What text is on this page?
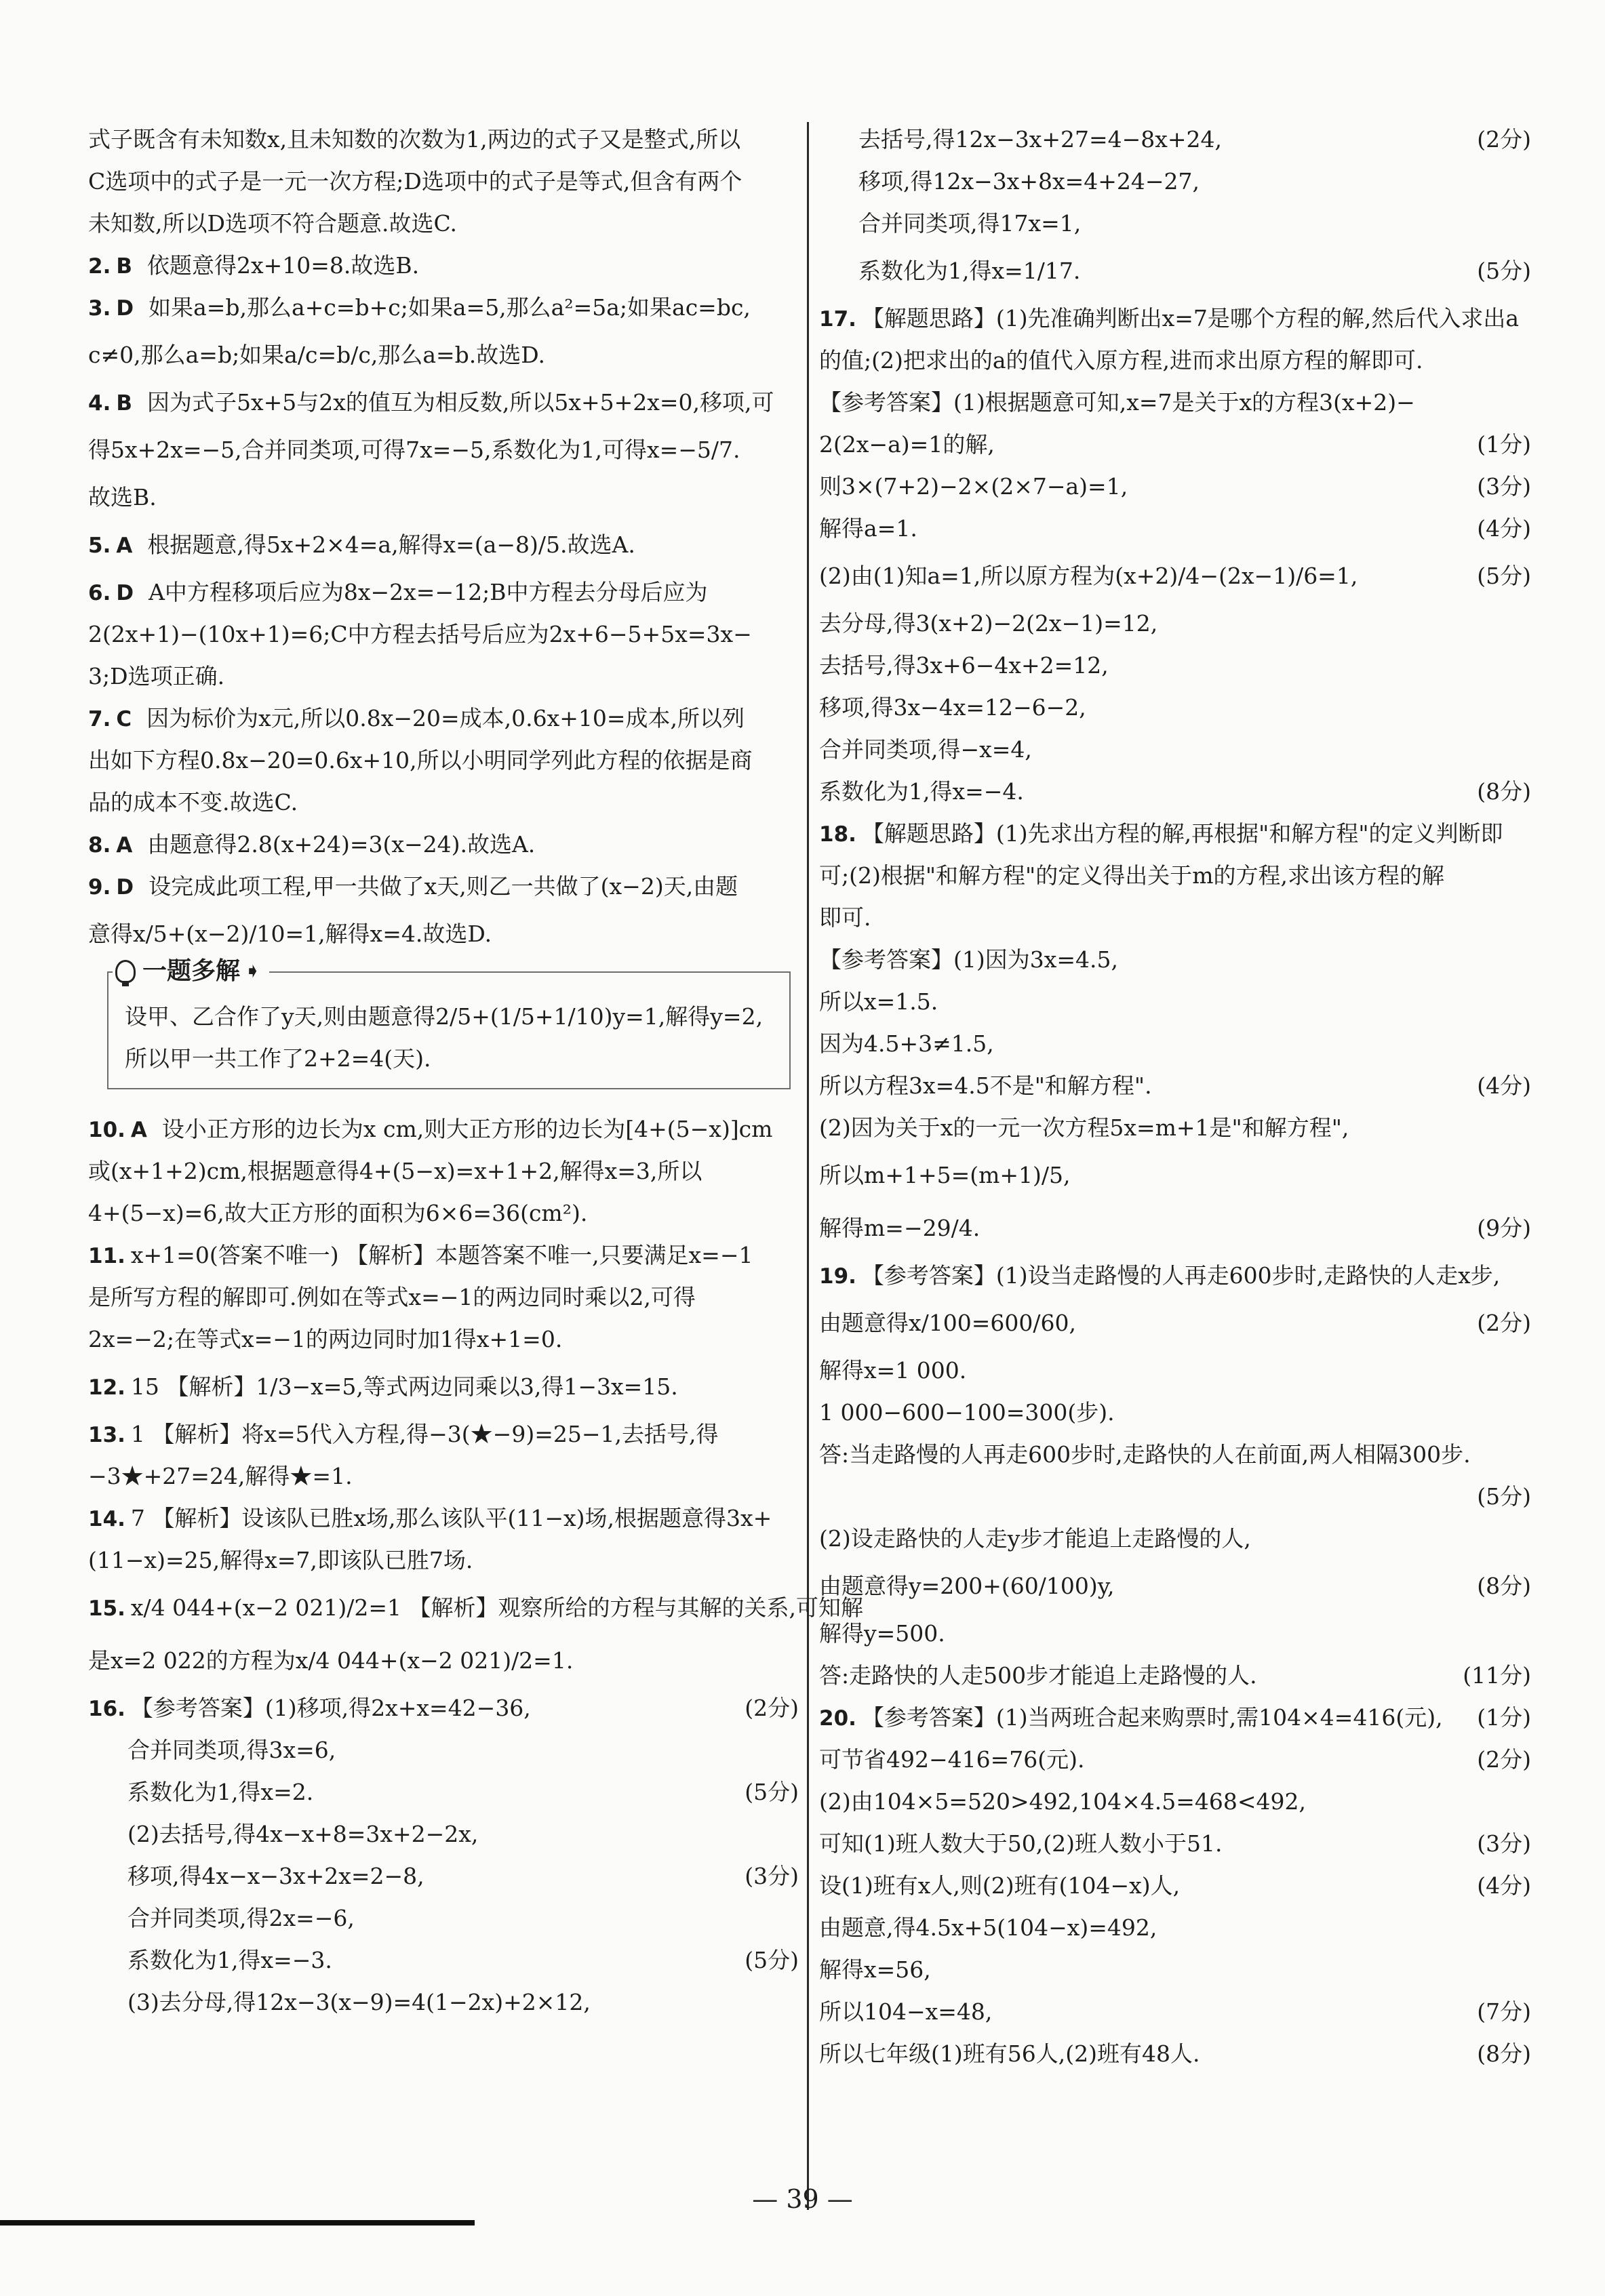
式子既含有未知数x,且未知数的次数为1,两边的式子又是整式,所以
C选项中的式子是一元一次方程;D选项中的式子是等式,但含有两个
未知数,所以D选项不符合题意.故选C.
2. B 依题意得2x+10=8.故选B.
3. D 如果a=b,那么a+c=b+c;如果a=5,那么a²=5a;如果ac=bc,
c≠0,那么a=b;如果a/c=b/c,那么a=b.故选D.
4. B 因为式子5x+5与2x的值互为相反数,所以5x+5+2x=0,移项,可
得5x+2x=−5,合并同类项,可得7x=−5,系数化为1,可得x=−5/7.
故选B.
5. A 根据题意,得5x+2×4=a,解得x=(a−8)/5.故选A.
6. D A中方程移项后应为8x−2x=−12;B中方程去分母后应为
2(2x+1)−(10x+1)=6;C中方程去括号后应为2x+6−5+5x=3x−
3;D选项正确.
7. C 因为标价为x元,所以0.8x−20=成本,0.6x+10=成本,所以列
出如下方程0.8x−20=0.6x+10,所以小明同学列此方程的依据是商
品的成本不变.故选C.
8. A 由题意得2.8(x+24)=3(x−24).故选A.
9. D 设完成此项工程,甲一共做了x天,则乙一共做了(x−2)天,由题
意得x/5+(x−2)/10=1,解得x=4.故选D.
一题多解 ➧
设甲、乙合作了y天,则由题意得2/5+(1/5+1/10)y=1,解得y=2,
所以甲一共工作了2+2=4(天).
10. A 设小正方形的边长为x cm,则大正方形的边长为[4+(5−x)]cm
或(x+1+2)cm,根据题意得4+(5−x)=x+1+2,解得x=3,所以
4+(5−x)=6,故大正方形的面积为6×6=36(cm²).
11. x+1=0(答案不唯一) 【解析】本题答案不唯一,只要满足x=−1
是所写方程的解即可.例如在等式x=−1的两边同时乘以2,可得
2x=−2;在等式x=−1的两边同时加1得x+1=0.
12. 15 【解析】1/3−x=5,等式两边同乘以3,得1−3x=15.
13. 1 【解析】将x=5代入方程,得−3(★−9)=25−1,去括号,得
−3★+27=24,解得★=1.
14. 7 【解析】设该队已胜x场,那么该队平(11−x)场,根据题意得3x+
(11−x)=25,解得x=7,即该队已胜7场.
15. x/4 044+(x−2 021)/2=1 【解析】观察所给的方程与其解的关系,可知解
是x=2 022的方程为x/4 044+(x−2 021)/2=1.
16. 【参考答案】(1)移项,得2x+x=42−36,	(2分)
合并同类项,得3x=6,
系数化为1,得x=2.	(5分)
(2)去括号,得4x−x+8=3x+2−2x,
移项,得4x−x−3x+2x=2−8,	(3分)
合并同类项,得2x=−6,
系数化为1,得x=−3.	(5分)
(3)去分母,得12x−3(x−9)=4(1−2x)+2×12,
去括号,得12x−3x+27=4−8x+24,	(2分)
移项,得12x−3x+8x=4+24−27,
合并同类项,得17x=1,
系数化为1,得x=1/17.	(5分)
17. 【解题思路】(1)先准确判断出x=7是哪个方程的解,然后代入求出a
的值;(2)把求出的a的值代入原方程,进而求出原方程的解即可.
【参考答案】(1)根据题意可知,x=7是关于x的方程3(x+2)−
2(2x−a)=1的解,	(1分)
则3×(7+2)−2×(2×7−a)=1,	(3分)
解得a=1.	(4分)
(2)由(1)知a=1,所以原方程为(x+2)/4−(2x−1)/6=1,	(5分)
去分母,得3(x+2)−2(2x−1)=12,
去括号,得3x+6−4x+2=12,
移项,得3x−4x=12−6−2,
合并同类项,得−x=4,
系数化为1,得x=−4.	(8分)
18. 【解题思路】(1)先求出方程的解,再根据"和解方程"的定义判断即
可;(2)根据"和解方程"的定义得出关于m的方程,求出该方程的解
即可.
【参考答案】(1)因为3x=4.5,
所以x=1.5.
因为4.5+3≠1.5,
所以方程3x=4.5不是"和解方程".	(4分)
(2)因为关于x的一元一次方程5x=m+1是"和解方程",
所以m+1+5=(m+1)/5,
解得m=−29/4.	(9分)
19. 【参考答案】(1)设当走路慢的人再走600步时,走路快的人走x步,
由题意得x/100=600/60,	(2分)
解得x=1 000.
1 000−600−100=300(步).
答:当走路慢的人再走600步时,走路快的人在前面,两人相隔300步.
(5分)
(2)设走路快的人走y步才能追上走路慢的人,
由题意得y=200+(60/100)y,	(8分)
解得y=500.
答:走路快的人走500步才能追上走路慢的人.	(11分)
20. 【参考答案】(1)当两班合起来购票时,需104×4=416(元), (1分)
可节省492−416=76(元).	(2分)
(2)由104×5=520>492,104×4.5=468<492,
可知(1)班人数大于50,(2)班人数小于51.	(3分)
设(1)班有x人,则(2)班有(104−x)人,	(4分)
由题意,得4.5x+5(104−x)=492,
解得x=56,
所以104−x=48,	(7分)
所以七年级(1)班有56人,(2)班有48人.	(8分)
— 39 —
